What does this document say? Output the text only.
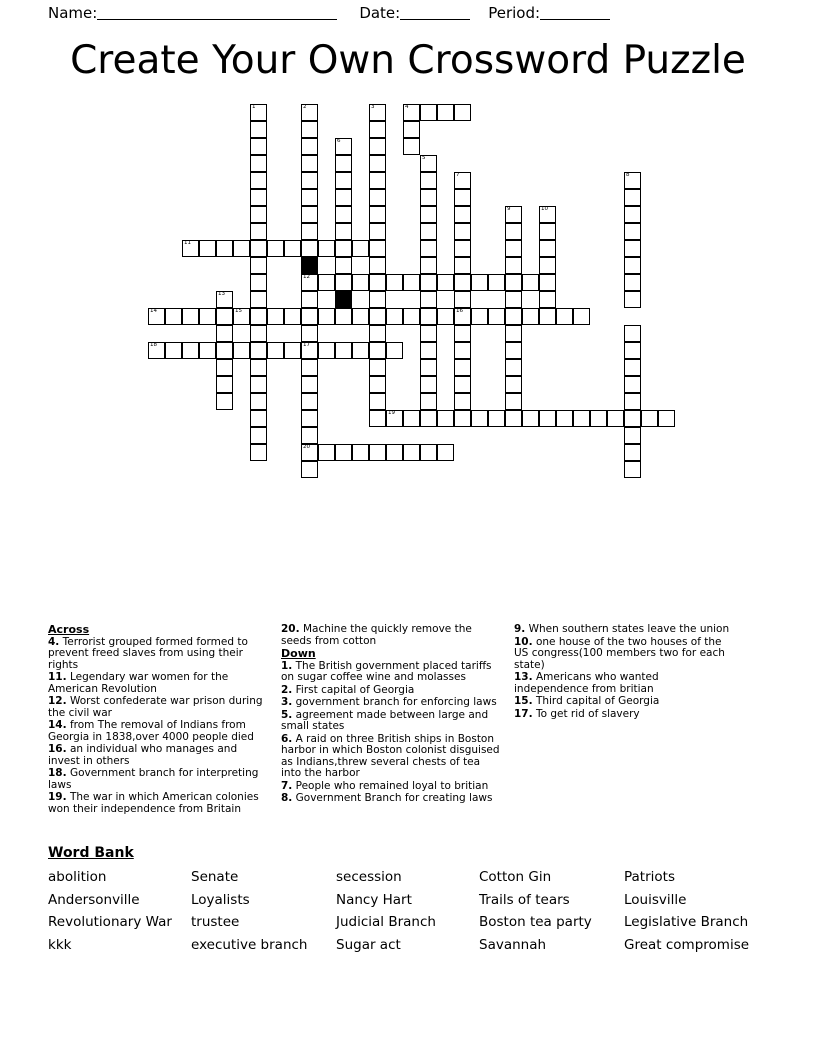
Name:	Date:	Period:
Create Your Own Crossword Puzzle
1	2	3	4
6
5
7	8
9	10
11
12
13
14	15	16
18	17
19
20
Across
4. Terrorist grouped formed formed to prevent freed slaves from using their rights
11. Legendary war women for the American Revolution
12. Worst confederate war prison during the civil war
14. from The removal of Indians from Georgia in 1838,over 4000 people died
16. an individual who manages and invest in others
18. Government branch for interpreting laws
19. The war in which American colonies won their independence from Britain
20. Machine the quickly remove the seeds from cotton
Down
1. The British government placed tariffs on sugar coffee wine and molasses
2. First capital of Georgia
3. government branch for enforcing laws
5. agreement made between large and small states
6. A raid on three British ships in Boston harbor in which Boston colonist disguised as Indians,threw several chests of tea into the harbor
7. People who remained loyal to britian
8. Government Branch for creating laws
9. When southern states leave the union
10. one house of the two houses of the US congress(100 members two for each state)
13. Americans who wanted independence from britian
15. Third capital of Georgia
17. To get rid of slavery
Word Bank
abolition	Senate	secession	Cotton Gin	Patriots
Andersonville	Loyalists	Nancy Hart	Trails of tears	Louisville
Revolutionary War	trustee	Judicial Branch	Boston tea party	Legislative Branch
kkk	executive branch	Sugar act	Savannah	Great compromise
